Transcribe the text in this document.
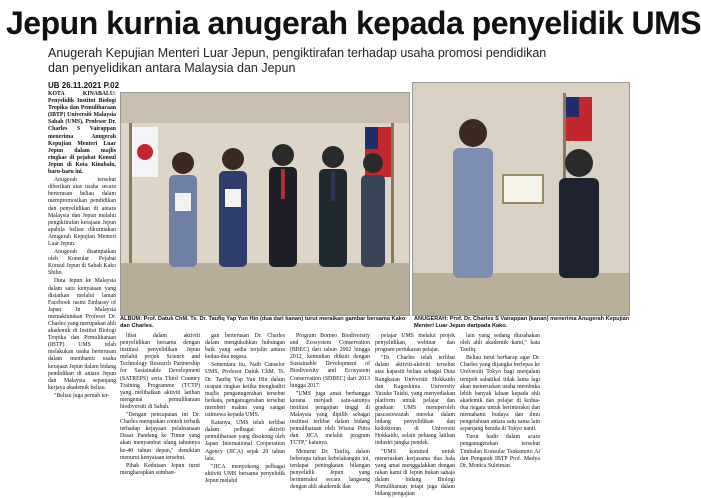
Jepun kurnia anugerah kepada penyelidik UMS
Anugerah Kepujian Menteri Luar Jepun, pengiktirafan terhadap usaha promosi pendidikan dan penyelidikan antara Malaysia dan Jepun
UB 26.11.2021 P.02

KOTA KINABALU: Penyelidik Institut Biologi Tropika dan Pemuliharaan (IBTP) Universiti Malaysia Sabah (UMS), Profesor Dr. Charles S Vairappan menerima Anugerah Kepujian Menteri Luar Jepun dalam majlis ringkas di pejabat Konsul Jepun di Kota Kinabalu, baru-baru ini.

Anugerah tersebut diberikan atas usaha secara berterusan beliau dalam mempromosikan pendidikan dan penyelidikan di antara Malaysia dan Jepun melalui pengiktirafan kerajaan Jepun apabila beliau dikurniakan Anugerah Kepujian Menteri Luar Jepun.

Anugerah disampaikan oleh Konsular Pejabat Konsul Jepun di Sabah Kako Shiho.

Duta Jepun ke Malaysia dalam satu kenyataan yang disiarkan melalui laman Facebook rasmi Embassy of Japan In Malaysia memaklumkan Profesor Dr. Charles yang merupakan ahli akademik di Institut Biologi Tropika dan Pemuliharaan (IBTP) UMS telah melakukan usaha berterusan dalam membantu usaha kerajaan Jepun dalam bidang pendidikan di antara Jepun dan Malaysia sepanjang kerjaya akademik beliau.

"Beliau juga pernah ter-

ALBUM: Prof. Datuk ChM. Ts. Dr. Taufiq Yap Yun Hin (dua dari kanan) turut meraikan gambar bersama Kako dan Charles.
ANUGERAH: Prof. Dr. Charles S Vairappan (kanan) menerima Anugerah Kepujian Menteri Luar Jepun daripada Kako.

libat dalam aktiviti penyelidikan bersama dengan institusi penyelidikan Jepun melalui projek Science and Technology Research Partnership for Sustainable Development (SATREPS) serta Third Country Training Programme (TCTP) yang melibatkan aktiviti latihan mengenai pemuliharaan biodiversiti di Sabah.

"Dengan pencapaian ini Dr. Charles merupakan contoh terbaik terhadap kejayaan pelaksanaan Dasar Pandang ke Timur yang akan menyambut ulang tahunnya ke-40 tahun depan," demikian menurut kenyataan tersebut.

Pihak Kedutaan Jepun turut mengharapkan sumban-

gan berterusan Dr. Charles dalam mengukuhkan hubungan baik yang sedia terjalin antara kedua-dua negara.

Sementara itu, Naib Canselor UMS, Profesor Datuk ChM. Ts. Dr. Taufiq Yap Yun Hin dalam ucapan ringkas ketika menghadiri majlis penganugerahan tersebut berkata, penganugerahan tersebut memberi makna yang sangat istimewa kepada UMS.

Katanya, UMS telah terlibat dalam pelbagai aktiviti pemuliharaan yang disokong oleh Japan International Cooperation Agency (JICA) sejak 20 tahun lalu.

"JICA menyokong pelbagai aktiviti UMS bersama penyelidik Jepun melalui

Program Borneo Biodiversity and Ecosystem Conservation (BBEC) dari tahun 2002 hingga 2012, kemudian diikuti dengan Sustainable Development of Biodiversity and Ecosystem Conservation (SDBEC) dari 2013 hingga 2017.

"UMS juga amat berbangga kerana menjadi satu-satunya institusi pengajian tinggi di Malaysia yang dipilih sebagai institusi terlibat dalam bidang pemuliharaan oleh Wisma Putra dan JICA melalui program TCTP," katanya.

Menurut Dr. Taufiq, dalam beberapa tahun kebelakangan ini, terdapat peningkatan bilangan penyelidik Jepun yang berinteraksi secara langsung dengan ahli akademik dan

pelajar UMS melalui projek penyelidikan, webinar dan program pertukaran pelajar.

"Dr. Charles telah terlibat dalam aktiviti-aktiviti tersebut atas kapasiti beliau sebagai Duta Rangkaian Universiti Hokkaido dan Kagoshima University Yusuke Taishi, yang menyediakan platform untuk pelajar dan graduan UMS memperoleh pascasiswazah mereka dalam bidang penyelidikan dan kedoktoran di Universiti Hokkaido, selain peluang latihan industri jangka pendek.

"UMS komited untuk meneruskan kerjasama dua hala yang amat menggalakkan dengan rakan kami di Jepun bukan sahaja dalam bidang Biologi Pemuliharaan tetapi juga dalam bidang pengajian

lain yang sedang diusahakan oleh ahli akademik kami," kata Taufiq.

Beliau turut berharap agar Dr. Charles yang dijangka berlepas ke Universiti Tokyo bagi menjalani tempoh sabatikal tidak lama lagi akan meneruskan usaha membuka lebih banyak laluan kepada ahli akademik dan pelajar di kedua-dua negara untuk berinteraksi dan memahami budaya dan ilmu pengetahuan antara satu sama lain sepanjang berada di Tokyo nanti.

Turut hadir dalam acara penganugerahan tersebut Timbalan Konsular Tsukamoto Ai dan Pengarah IBTP Prof. Madya Dr. Monica Suleiman.
